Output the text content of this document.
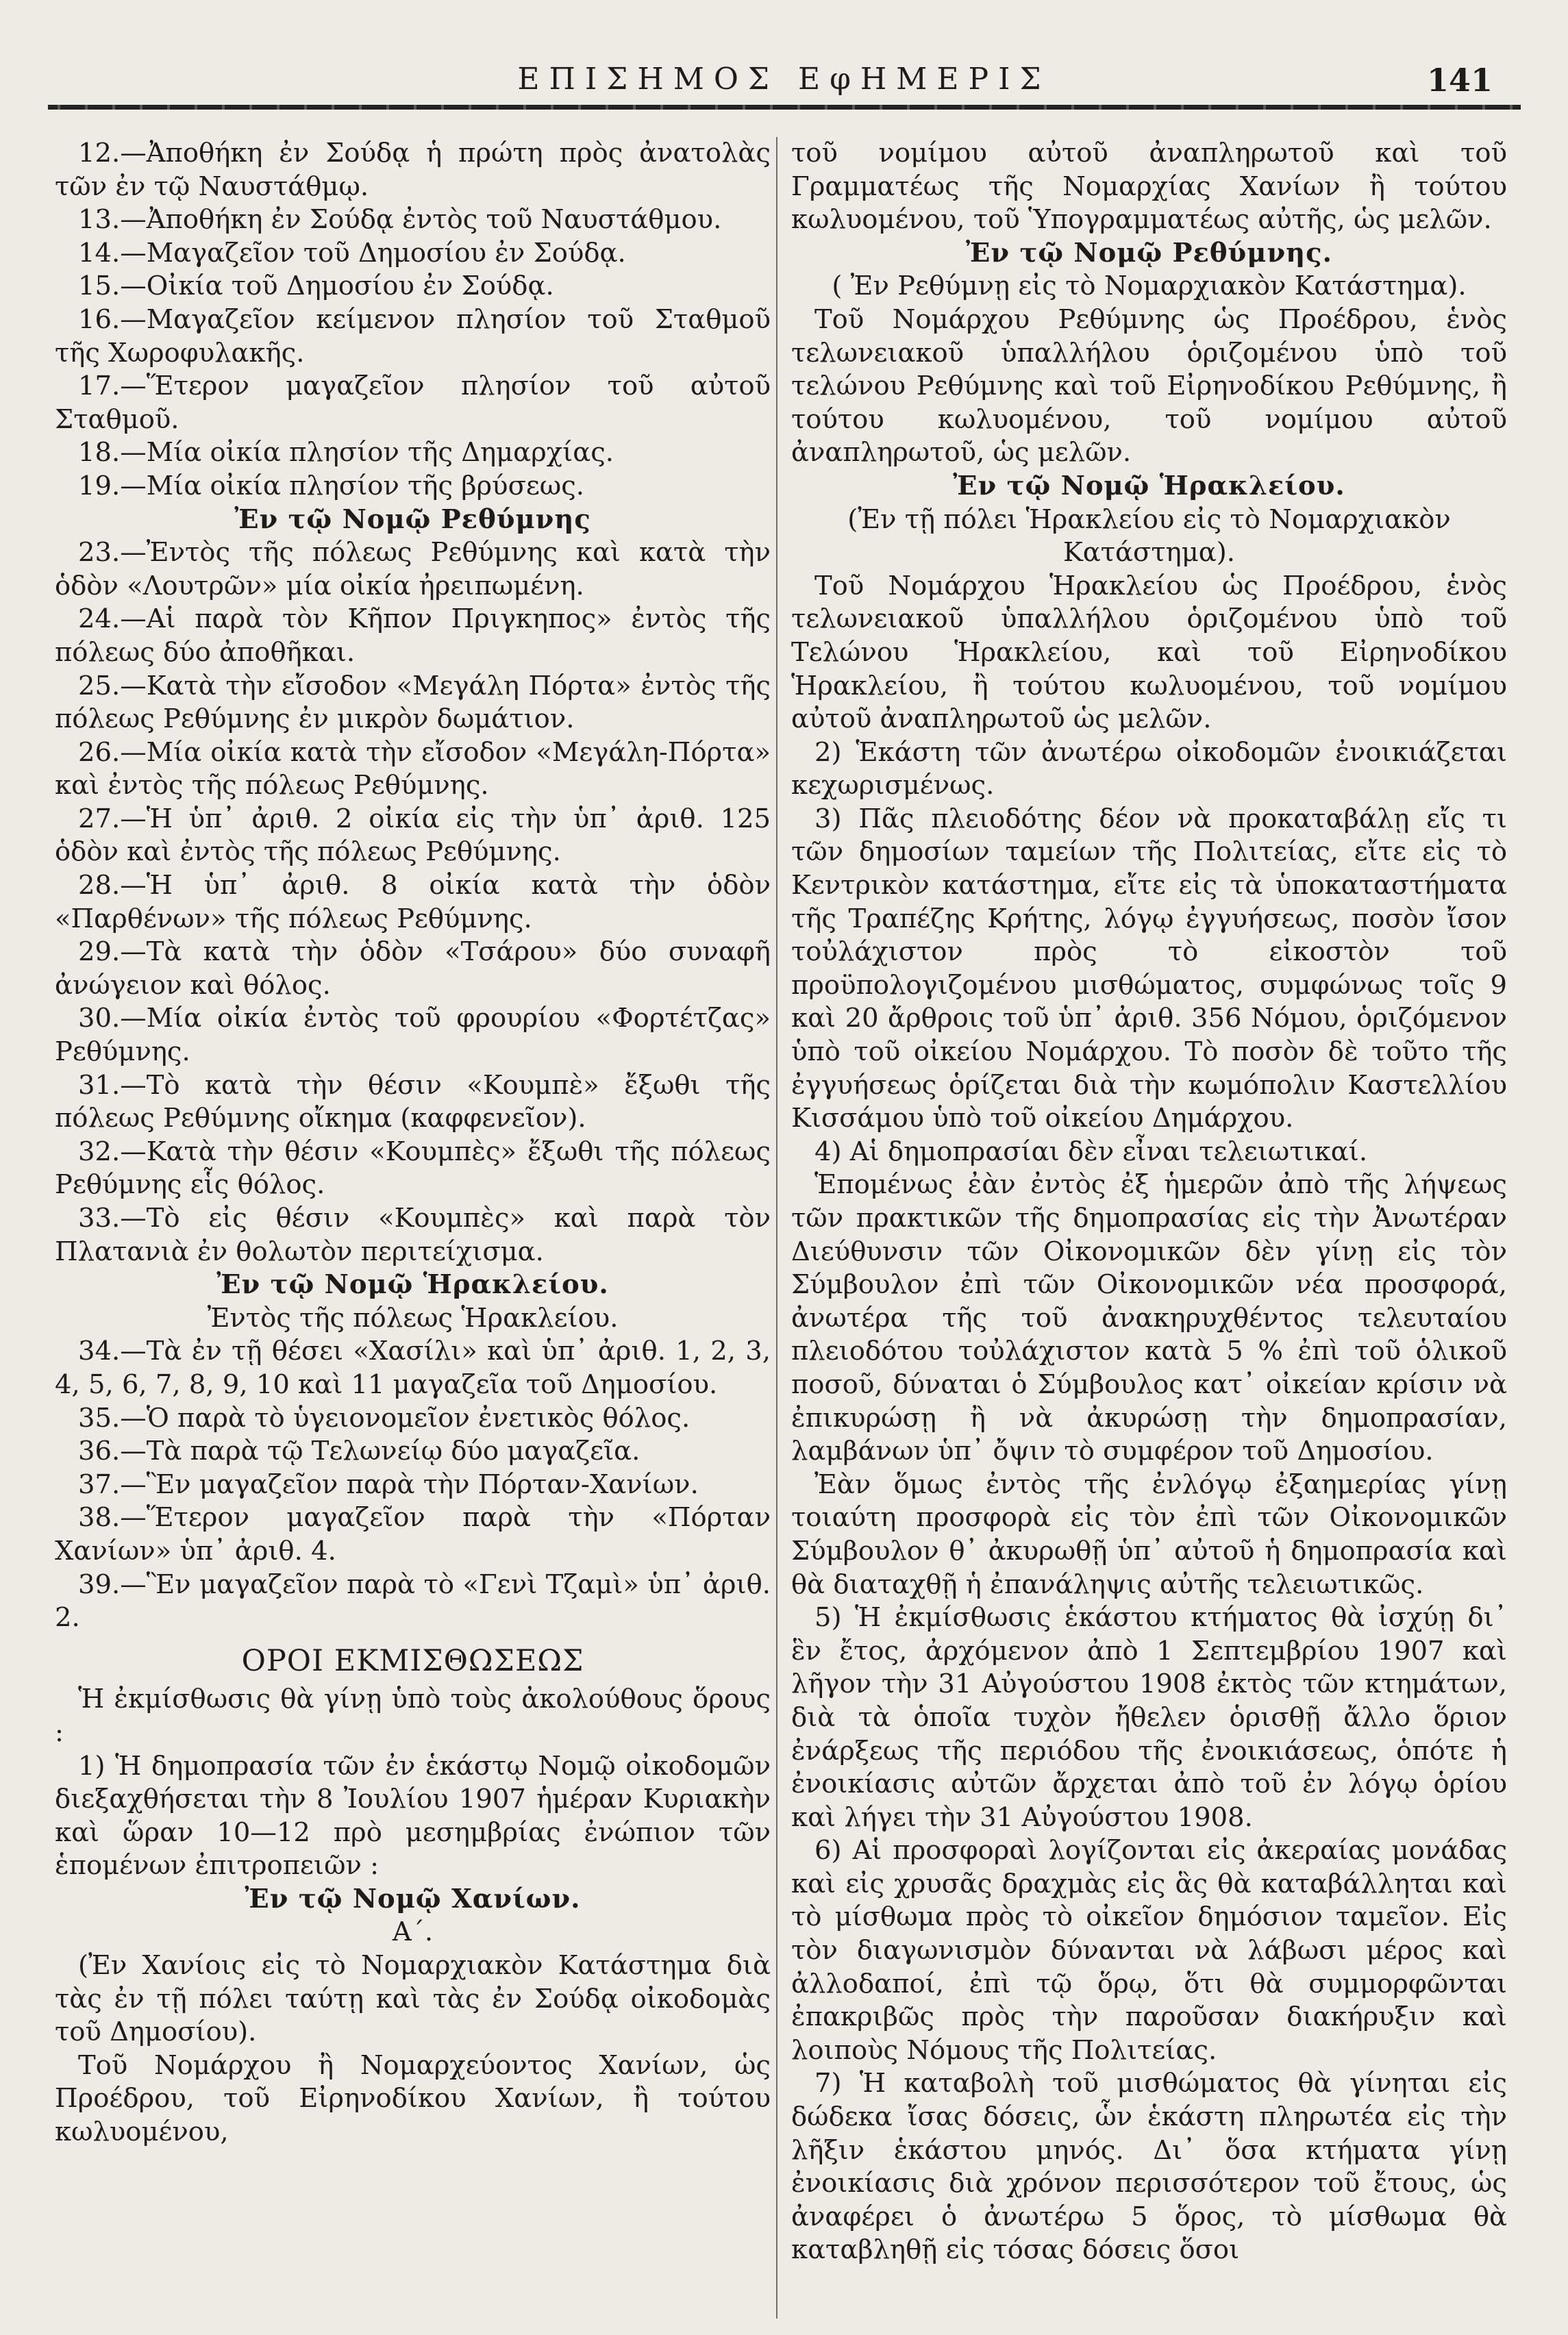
ΕΠΙΣΗΜΟΣ ΕφΗΜΕΡΙΣ	141

12.—Ἀποθήκη ἐν Σούδᾳ ἡ πρώτη πρὸς ἀνατολὰς τῶν ἐν τῷ Ναυστάθμῳ.

13.—Ἀποθήκη ἐν Σούδᾳ ἐντὸς τοῦ Ναυστάθμου.

14.—Μαγαζεῖον τοῦ Δημοσίου ἐν Σούδᾳ.

15.—Οἰκία τοῦ Δημοσίου ἐν Σούδᾳ.

16.—Μαγαζεῖον κείμενον πλησίον τοῦ Σταθμοῦ τῆς Χωροφυλακῆς.

17.—Ἕτερον μαγαζεῖον πλησίον τοῦ αὐτοῦ Σταθμοῦ.

18.—Μία οἰκία πλησίον τῆς Δημαρχίας.

19.—Μία οἰκία πλησίον τῆς βρύσεως.

Ἐν τῷ Νομῷ Ρεθύμνης

23.—Ἐντὸς τῆς πόλεως Ρεθύμνης καὶ κατὰ τὴν ὁδὸν «Λουτρῶν» μία οἰκία ἠρειπωμένη.

24.—Αἱ παρὰ τὸν Κῆπον Πριγκηπος» ἐντὸς τῆς πόλεως δύο ἀποθῆκαι.

25.—Κατὰ τὴν εἴσοδον «Μεγάλη Πόρτα» ἐντὸς τῆς πόλεως Ρεθύμνης ἐν μικρὸν δωμάτιον.

26.—Μία οἰκία κατὰ τὴν εἴσοδον «Μεγάλη-Πόρτα» καὶ ἐντὸς τῆς πόλεως Ρεθύμνης.

27.—Ἡ ὑπ᾽ ἀριθ. 2 οἰκία εἰς τὴν ὑπ᾽ ἀριθ. 125 ὁδὸν καὶ ἐντὸς τῆς πόλεως Ρεθύμνης.

28.—Ἡ ὑπ᾽ ἀριθ. 8 οἰκία κατὰ τὴν ὁδὸν «Παρθένων» τῆς πόλεως Ρεθύμνης.

29.—Τὰ κατὰ τὴν ὁδὸν «Τσάρου» δύο συναφῆ ἀνώγειον καὶ θόλος.

30.—Μία οἰκία ἐντὸς τοῦ φρουρίου «Φορτέτζας» Ρεθύμνης.

31.—Τὸ κατὰ τὴν θέσιν «Κουμπὲ» ἔξωθι τῆς πόλεως Ρεθύμνης οἴκημα (καφφενεῖον).

32.—Κατὰ τὴν θέσιν «Κουμπὲς» ἔξωθι τῆς πόλεως Ρεθύμνης εἷς θόλος.

33.—Τὸ εἰς θέσιν «Κουμπὲς» καὶ παρὰ τὸν Πλατανιὰ ἐν θολωτὸν περιτείχισμα.

Ἐν τῷ Νομῷ Ἡρακλείου.

Ἐντὸς τῆς πόλεως Ἡρακλείου.

34.—Τὰ ἐν τῇ θέσει «Χασίλι» καὶ ὑπ᾽ ἀριθ. 1, 2, 3, 4, 5, 6, 7, 8, 9, 10 καὶ 11 μαγαζεῖα τοῦ Δημοσίου.

35.—Ὁ παρὰ τὸ ὑγειονομεῖον ἐνετικὸς θόλος.

36.—Τὰ παρὰ τῷ Τελωνείῳ δύο μαγαζεῖα.

37.—Ἓν μαγαζεῖον παρὰ τὴν Πόρταν-Χανίων.

38.—Ἕτερον μαγαζεῖον παρὰ τὴν «Πόρταν Χανίων» ὑπ᾽ ἀριθ. 4.

39.—Ἓν μαγαζεῖον παρὰ τὸ «Γενὶ Τζαμὶ» ὑπ᾽ ἀριθ. 2.

ΟΡΟΙ ΕΚΜΙΣΘΩΣΕΩΣ

Ἡ ἐκμίσθωσις θὰ γίνῃ ὑπὸ τοὺς ἀκολούθους ὅρους :

1) Ἡ δημοπρασία τῶν ἐν ἑκάστῳ Νομῷ οἰκοδομῶν διεξαχθήσεται τὴν 8 Ἰουλίου 1907 ἡμέραν Κυριακὴν καὶ ὥραν 10—12 πρὸ μεσημβρίας ἐνώπιον τῶν ἑπομένων ἐπιτροπειῶν :

Ἐν τῷ Νομῷ Χανίων.

Α΄.

(Ἐν Χανίοις εἰς τὸ Νομαρχιακὸν Κατάστημα διὰ τὰς ἐν τῇ πόλει ταύτῃ καὶ τὰς ἐν Σούδᾳ οἰκοδομὰς τοῦ Δημοσίου).

Τοῦ Νομάρχου ἢ Νομαρχεύοντος Χανίων, ὡς Προέδρου, τοῦ Εἰρηνοδίκου Χανίων, ἢ τούτου κωλυομένου,

τοῦ νομίμου αὐτοῦ ἀναπληρωτοῦ καὶ τοῦ Γραμματέως τῆς Νομαρχίας Χανίων ἢ τούτου κωλυομένου, τοῦ Ὑπογραμματέως αὐτῆς, ὡς μελῶν.

Ἐν τῷ Νομῷ Ρεθύμνης.

( Ἐν Ρεθύμνῃ εἰς τὸ Νομαρχιακὸν Κατάστημα).

Τοῦ Νομάρχου Ρεθύμνης ὡς Προέδρου, ἑνὸς τελωνειακοῦ ὑπαλλήλου ὁριζομένου ὑπὸ τοῦ τελώνου Ρεθύμνης καὶ τοῦ Εἰρηνοδίκου Ρεθύμνης, ἢ τούτου κωλυομένου, τοῦ νομίμου αὐτοῦ ἀναπληρωτοῦ, ὡς μελῶν.

Ἐν τῷ Νομῷ Ἡρακλείου.

(Ἐν τῇ πόλει Ἡρακλείου εἰς τὸ Νομαρχιακὸν Κατάστημα).

Τοῦ Νομάρχου Ἡρακλείου ὡς Προέδρου, ἑνὸς τελωνειακοῦ ὑπαλλήλου ὁριζομένου ὑπὸ τοῦ Τελώνου Ἡρακλείου, καὶ τοῦ Εἰρηνοδίκου Ἡρακλείου, ἢ τούτου κωλυομένου, τοῦ νομίμου αὐτοῦ ἀναπληρωτοῦ ὡς μελῶν.

2) Ἑκάστη τῶν ἀνωτέρω οἰκοδομῶν ἐνοικιάζεται κεχωρισμένως.

3) Πᾶς πλειοδότης δέον νὰ προκαταβάλῃ εἴς τι τῶν δημοσίων ταμείων τῆς Πολιτείας, εἴτε εἰς τὸ Κεντρικὸν κατάστημα, εἴτε εἰς τὰ ὑποκαταστήματα τῆς Τραπέζης Κρήτης, λόγῳ ἐγγυήσεως, ποσὸν ἴσον τοὐλάχιστον πρὸς τὸ εἰκοστὸν τοῦ προϋπολογιζομένου μισθώματος, συμφώνως τοῖς 9 καὶ 20 ἄρθροις τοῦ ὑπ᾽ ἀριθ. 356 Νόμου, ὁριζόμενον ὑπὸ τοῦ οἰκείου Νομάρχου. Τὸ ποσὸν δὲ τοῦτο τῆς ἐγγυήσεως ὁρίζεται διὰ τὴν κωμόπολιν Καστελλίου Κισσάμου ὑπὸ τοῦ οἰκείου Δημάρχου.

4) Αἱ δημοπρασίαι δὲν εἶναι τελειωτικαί.

Ἑπομένως ἐὰν ἐντὸς ἐξ ἡμερῶν ἀπὸ τῆς λήψεως τῶν πρακτικῶν τῆς δημοπρασίας εἰς τὴν Ἀνωτέραν Διεύθυνσιν τῶν Οἰκονομικῶν δὲν γίνῃ εἰς τὸν Σύμβουλον ἐπὶ τῶν Οἰκονομικῶν νέα προσφορά, ἀνωτέρα τῆς τοῦ ἀνακηρυχθέντος τελευταίου πλειοδότου τοὐλάχιστον κατὰ 5 % ἐπὶ τοῦ ὁλικοῦ ποσοῦ, δύναται ὁ Σύμβουλος κατ᾽ οἰκείαν κρίσιν νὰ ἐπικυρώσῃ ἢ νὰ ἀκυρώσῃ τὴν δημοπρασίαν, λαμβάνων ὑπ᾽ ὄψιν τὸ συμφέρον τοῦ Δημοσίου.

Ἐὰν ὅμως ἐντὸς τῆς ἐνλόγῳ ἐξαημερίας γίνῃ τοιαύτη προσφορὰ εἰς τὸν ἐπὶ τῶν Οἰκονομικῶν Σύμβουλον θ᾽ ἀκυρωθῇ ὑπ᾽ αὐτοῦ ἡ δημοπρασία καὶ θὰ διαταχθῇ ἡ ἐπανάληψις αὐτῆς τελειωτικῶς.

5) Ἡ ἐκμίσθωσις ἑκάστου κτήματος θὰ ἰσχύῃ δι᾽ ἓν ἔτος, ἀρχόμενον ἀπὸ 1 Σεπτεμβρίου 1907 καὶ λῆγον τὴν 31 Αὐγούστου 1908 ἐκτὸς τῶν κτημάτων, διὰ τὰ ὁποῖα τυχὸν ἤθελεν ὁρισθῇ ἄλλο ὅριον ἐνάρξεως τῆς περιόδου τῆς ἐνοικιάσεως, ὁπότε ἡ ἐνοικίασις αὐτῶν ἄρχεται ἀπὸ τοῦ ἐν λόγῳ ὁρίου καὶ λήγει τὴν 31 Αὐγούστου 1908.

6) Αἱ προσφοραὶ λογίζονται εἰς ἀκεραίας μονάδας καὶ εἰς χρυσᾶς δραχμὰς εἰς ἃς θὰ καταβάλληται καὶ τὸ μίσθωμα πρὸς τὸ οἰκεῖον δημόσιον ταμεῖον. Εἰς τὸν διαγωνισμὸν δύνανται νὰ λάβωσι μέρος καὶ ἀλλοδαποί, ἐπὶ τῷ ὅρῳ, ὅτι θὰ συμμορφῶνται ἐπακριβῶς πρὸς τὴν παροῦσαν διακήρυξιν καὶ λοιποὺς Νόμους τῆς Πολιτείας.

7) Ἡ καταβολὴ τοῦ μισθώματος θὰ γίνηται εἰς δώδεκα ἴσας δόσεις, ὧν ἑκάστη πληρωτέα εἰς τὴν λῆξιν ἑκάστου μηνός. Δι᾽ ὅσα κτήματα γίνῃ ἐνοικίασις διὰ χρόνον περισσότερον τοῦ ἔτους, ὡς ἀναφέρει ὁ ἀνωτέρω 5 ὅρος, τὸ μίσθωμα θὰ καταβληθῇ εἰς τόσας δόσεις ὅσοι
